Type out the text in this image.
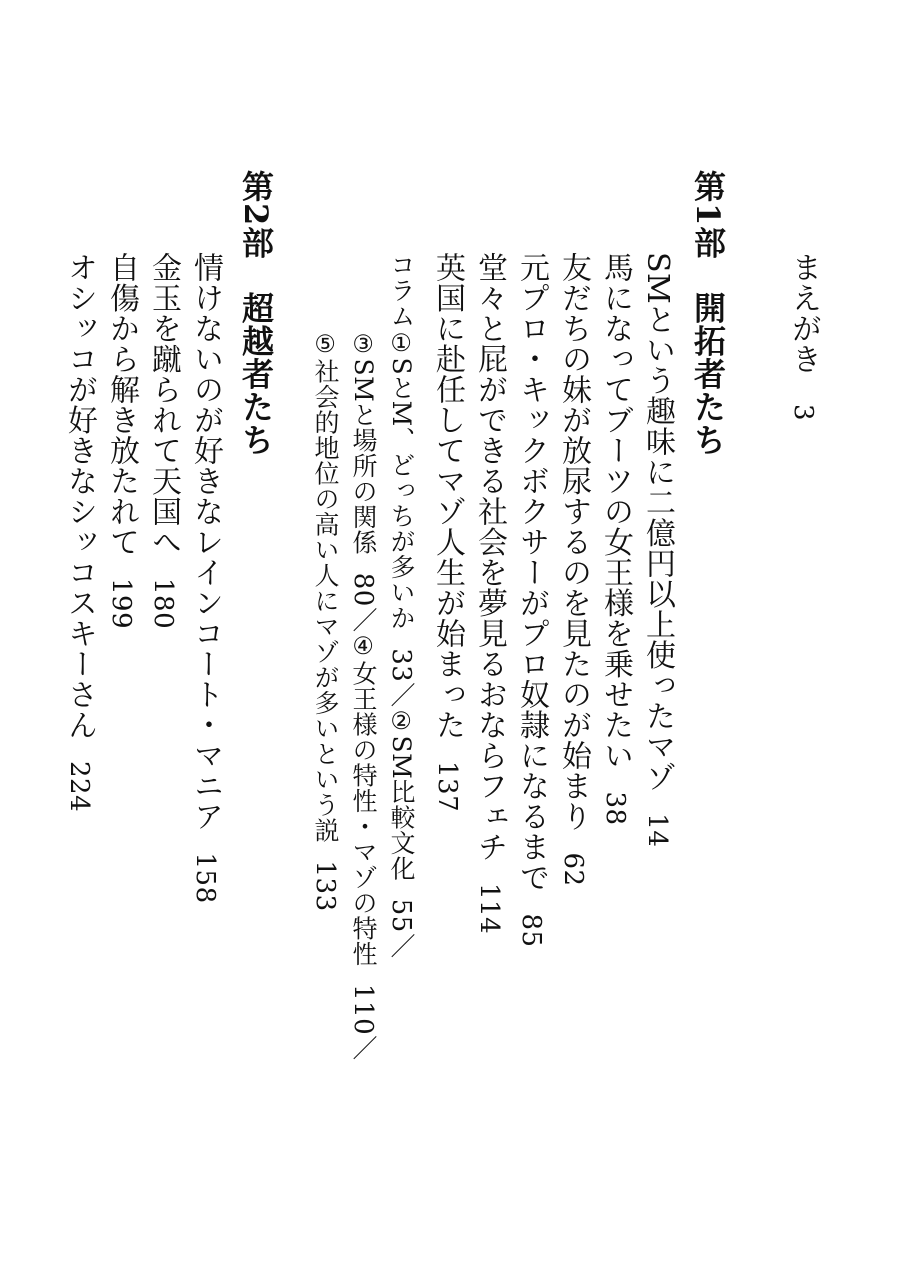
まえがき3
第1部開拓者たち
SMという趣味に二億円以上使ったマゾ14
馬になってブーツの女王様を乗せたい38
友だちの妹が放尿するのを見たのが始まり62
元プロ・キックボクサーがプロ奴隷になるまで85
堂々と屁ができる社会を夢見るおならフェチ114
英国に赴任してマゾ人生が始まった137
コラム①SとM、どっちが多いか33／②SM比較文化55／
③SMと場所の関係80／④女王様の特性・マゾの特性110／
⑤社会的地位の高い人にマゾが多いという説133
第2部超越者たち
情けないのが好きなレインコート・マニア158
金玉を蹴られて天国へ180
自傷から解き放たれて199
オシッコが好きなシッコスキーさん224
